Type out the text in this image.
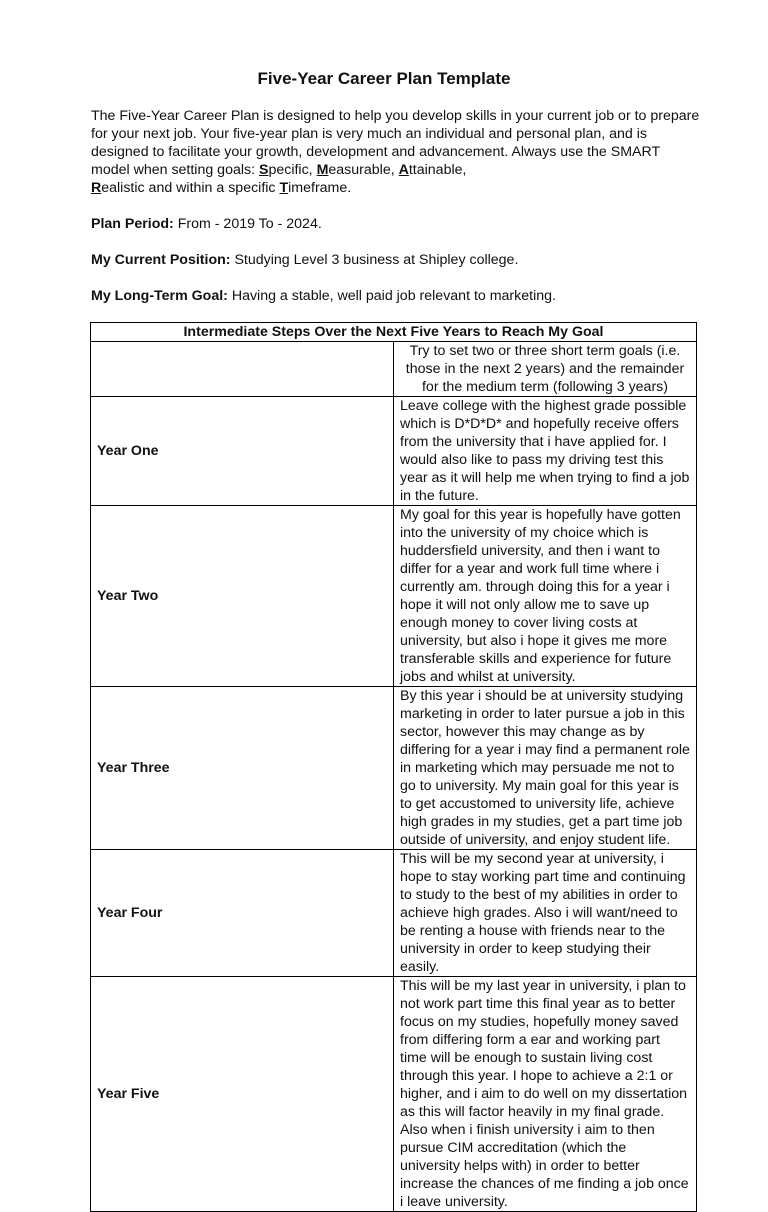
Five-Year Career Plan Template

The Five-Year Career Plan is designed to help you develop skills in your current job or to prepare for your next job. Your five-year plan is very much an individual and personal plan, and is designed to facilitate your growth, development and advancement. Always use the SMART model when setting goals: Specific, Measurable, Attainable,
Realistic and within a specific Timeframe.

Plan Period: From - 2019 To - 2024.

My Current Position: Studying Level 3 business at Shipley college.

My Long-Term Goal: Having a stable, well paid job relevant to marketing.

Intermediate Steps Over the Next Five Years to Reach My Goal	
	Try to set two or three short term goals (i.e. those in the next 2 years) and the remainder for the medium term (following 3 years)
Year One	Leave college with the highest grade possible which is D*D*D* and hopefully receive offers from the university that i have applied for. I would also like to pass my driving test this year as it will help me when trying to find a job in the future.
Year Two	My goal for this year is hopefully have gotten into the university of my choice which is huddersfield university, and then i want to differ for a year and work full time where i currently am. through doing this for a year i hope it will not only allow me to save up enough money to cover living costs at university, but also i hope it gives me more transferable skills and experience for future jobs and whilst at university.
Year Three	By this year i should be at university studying marketing in order to later pursue a job in this sector, however this may change as by differing for a year i may find a permanent role in marketing which may persuade me not to go to university. My main goal for this year is to get accustomed to university life, achieve high grades in my studies, get a part time job outside of university, and enjoy student life.
Year Four	This will be my second year at university, i hope to stay working part time and continuing to study to the best of my abilities in order to achieve high grades. Also i will want/need to be renting a house with friends near to the university in order to keep studying their easily.
Year Five	This will be my last year in university, i plan to not work part time this final year as to better focus on my studies, hopefully money saved from differing form a ear and working part time will be enough to sustain living cost through this year. I hope to achieve a 2:1 or higher, and i aim to do well on my dissertation as this will factor heavily in my final grade. Also when i finish university i aim to then pursue CIM accreditation (which the university helps with) in order to better increase the chances of me finding a job once i leave university.
